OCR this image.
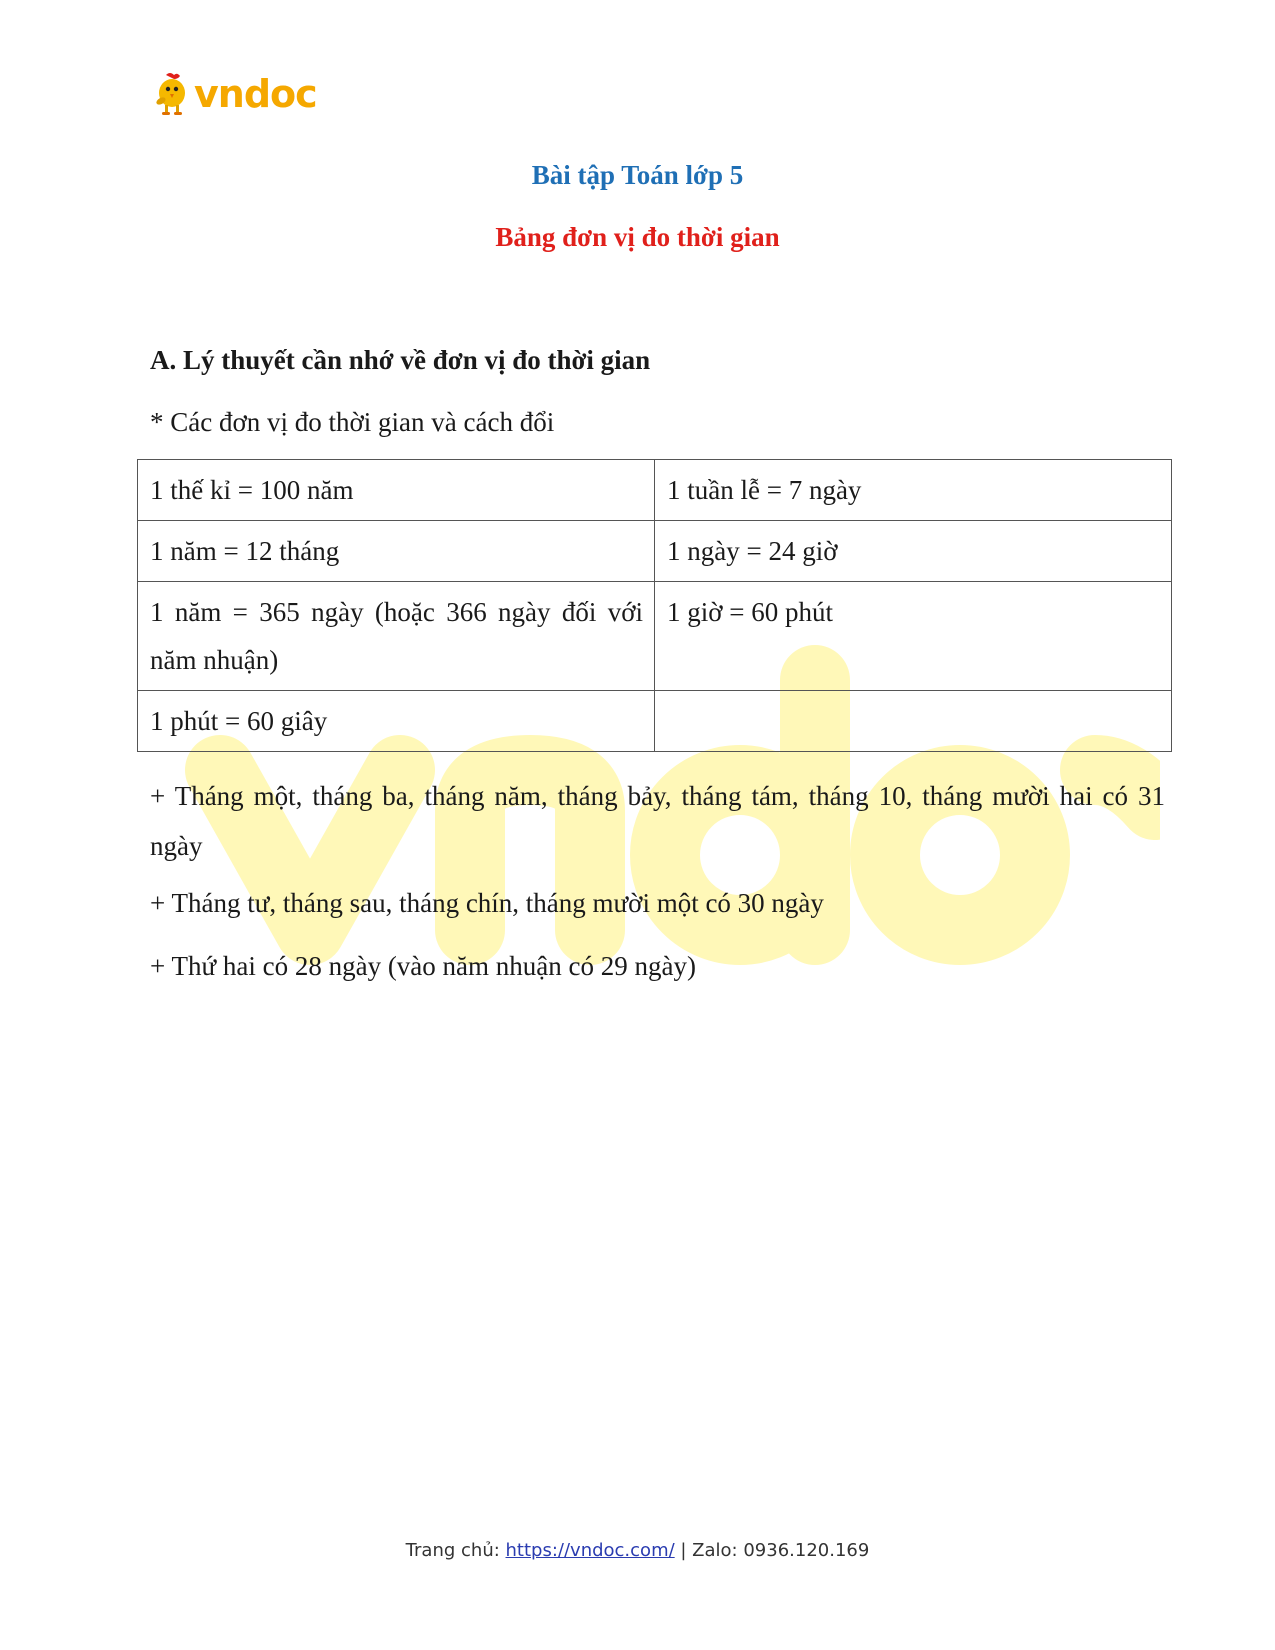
vndoc
Bài tập Toán lớp 5
Bảng đơn vị đo thời gian
A. Lý thuyết cần nhớ về đơn vị đo thời gian
* Các đơn vị đo thời gian và cách đổi
1 thế kỉ = 100 năm	1 tuần lễ = 7 ngày
1 năm = 12 tháng	1 ngày = 24 giờ
1 năm = 365 ngày (hoặc 366 ngày đối với năm nhuận)	1 giờ = 60 phút
1 phút = 60 giây	
+ Tháng một, tháng ba, tháng năm, tháng bảy, tháng tám, tháng 10, tháng mười hai có 31 ngày
+ Tháng tư, tháng sau, tháng chín, tháng mười một có 30 ngày
+ Thứ hai có 28 ngày (vào năm nhuận có 29 ngày)
Trang chủ: https://vndoc.com/ | Zalo: 0936.120.169
